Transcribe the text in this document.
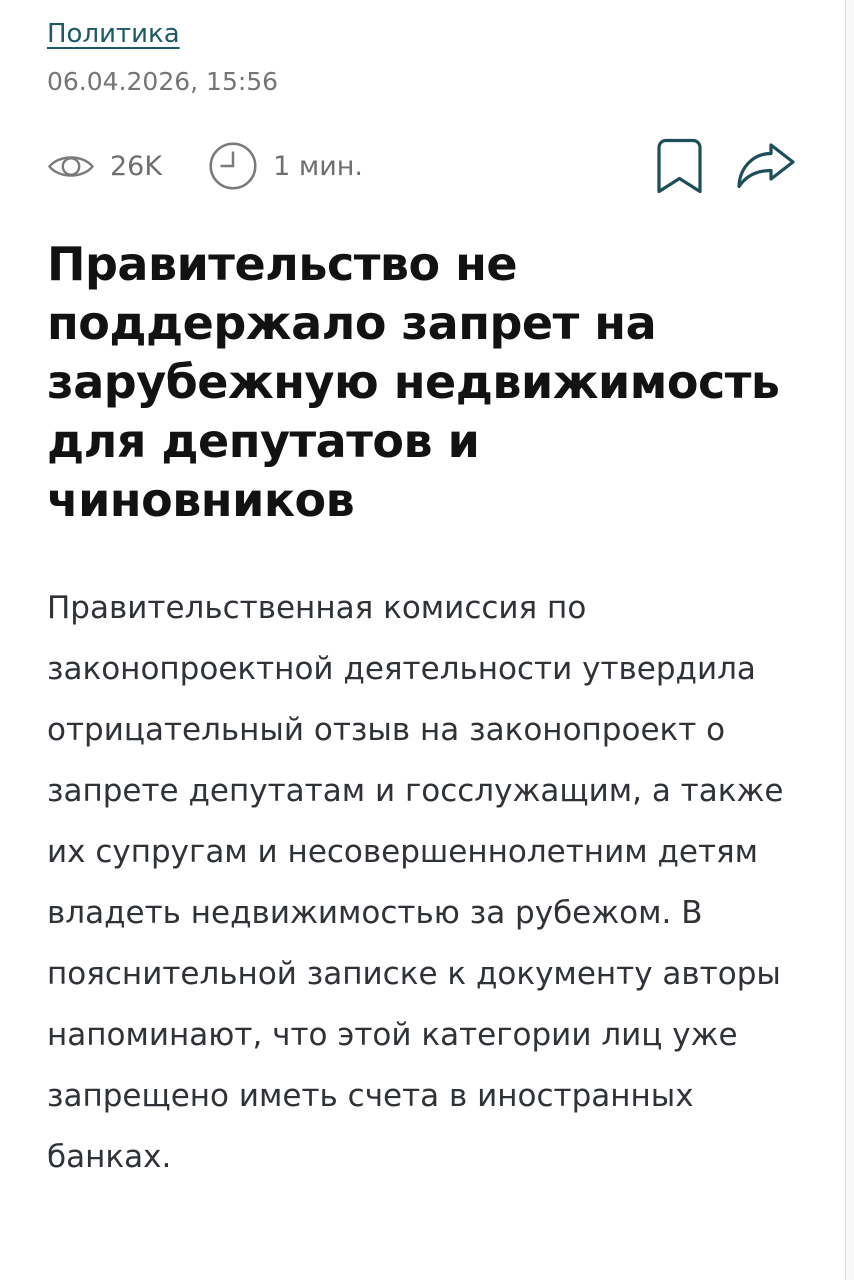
Политика
06.04.2026, 15:56
26K	1 мин.
Правительство не поддержало запрет на зарубежную недвижимость для депутатов и чиновников

Правительственная комиссия по законопроектной деятельности утвердила отрицательный отзыв на законопроект о запрете депутатам и госслужащим, а также их супругам и несовершеннолетним детям владеть недвижимостью за рубежом. В пояснительной записке к документу авторы напоминают, что этой категории лиц уже запрещено иметь счета в иностранных банках.
